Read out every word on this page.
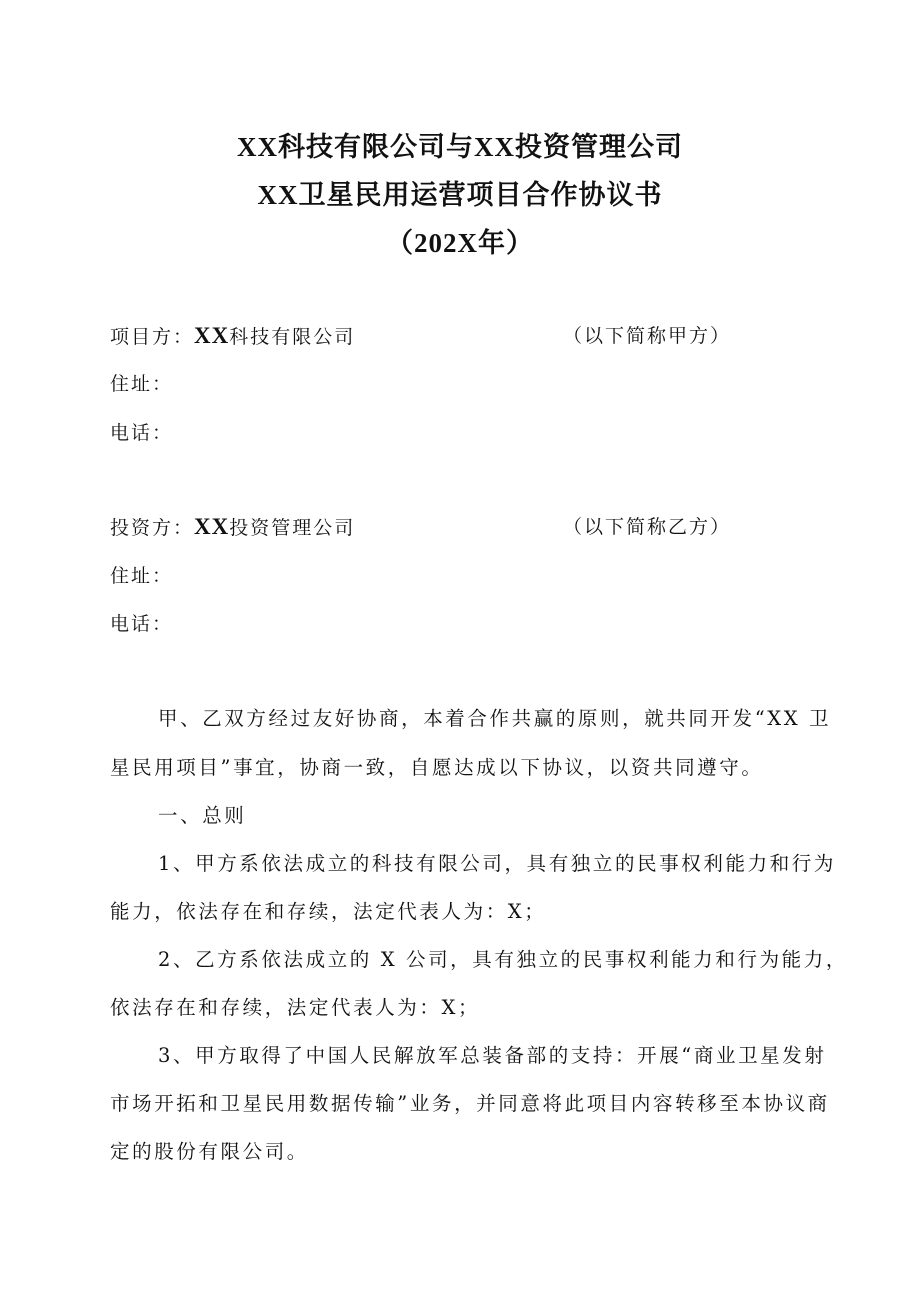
XX科技有限公司与XX投资管理公司
XX卫星民用运营项目合作协议书
（202X年）
项目方：XX科技有限公司	（以下简称甲方）
住址：
电话：
投资方：XX投资管理公司	（以下简称乙方）
住址：
电话：
甲、乙双方经过友好协商，本着合作共赢的原则，就共同开发“XX 卫
星民用项目”事宜，协商一致，自愿达成以下协议，以资共同遵守。
一、总则
1、甲方系依法成立的科技有限公司，具有独立的民事权利能力和行为
能力，依法存在和存续，法定代表人为：X；
2、乙方系依法成立的 X 公司，具有独立的民事权利能力和行为能力，
依法存在和存续，法定代表人为：X；
3、甲方取得了中国人民解放军总装备部的支持：开展“商业卫星发射
市场开拓和卫星民用数据传输”业务，并同意将此项目内容转移至本协议商
定的股份有限公司。
